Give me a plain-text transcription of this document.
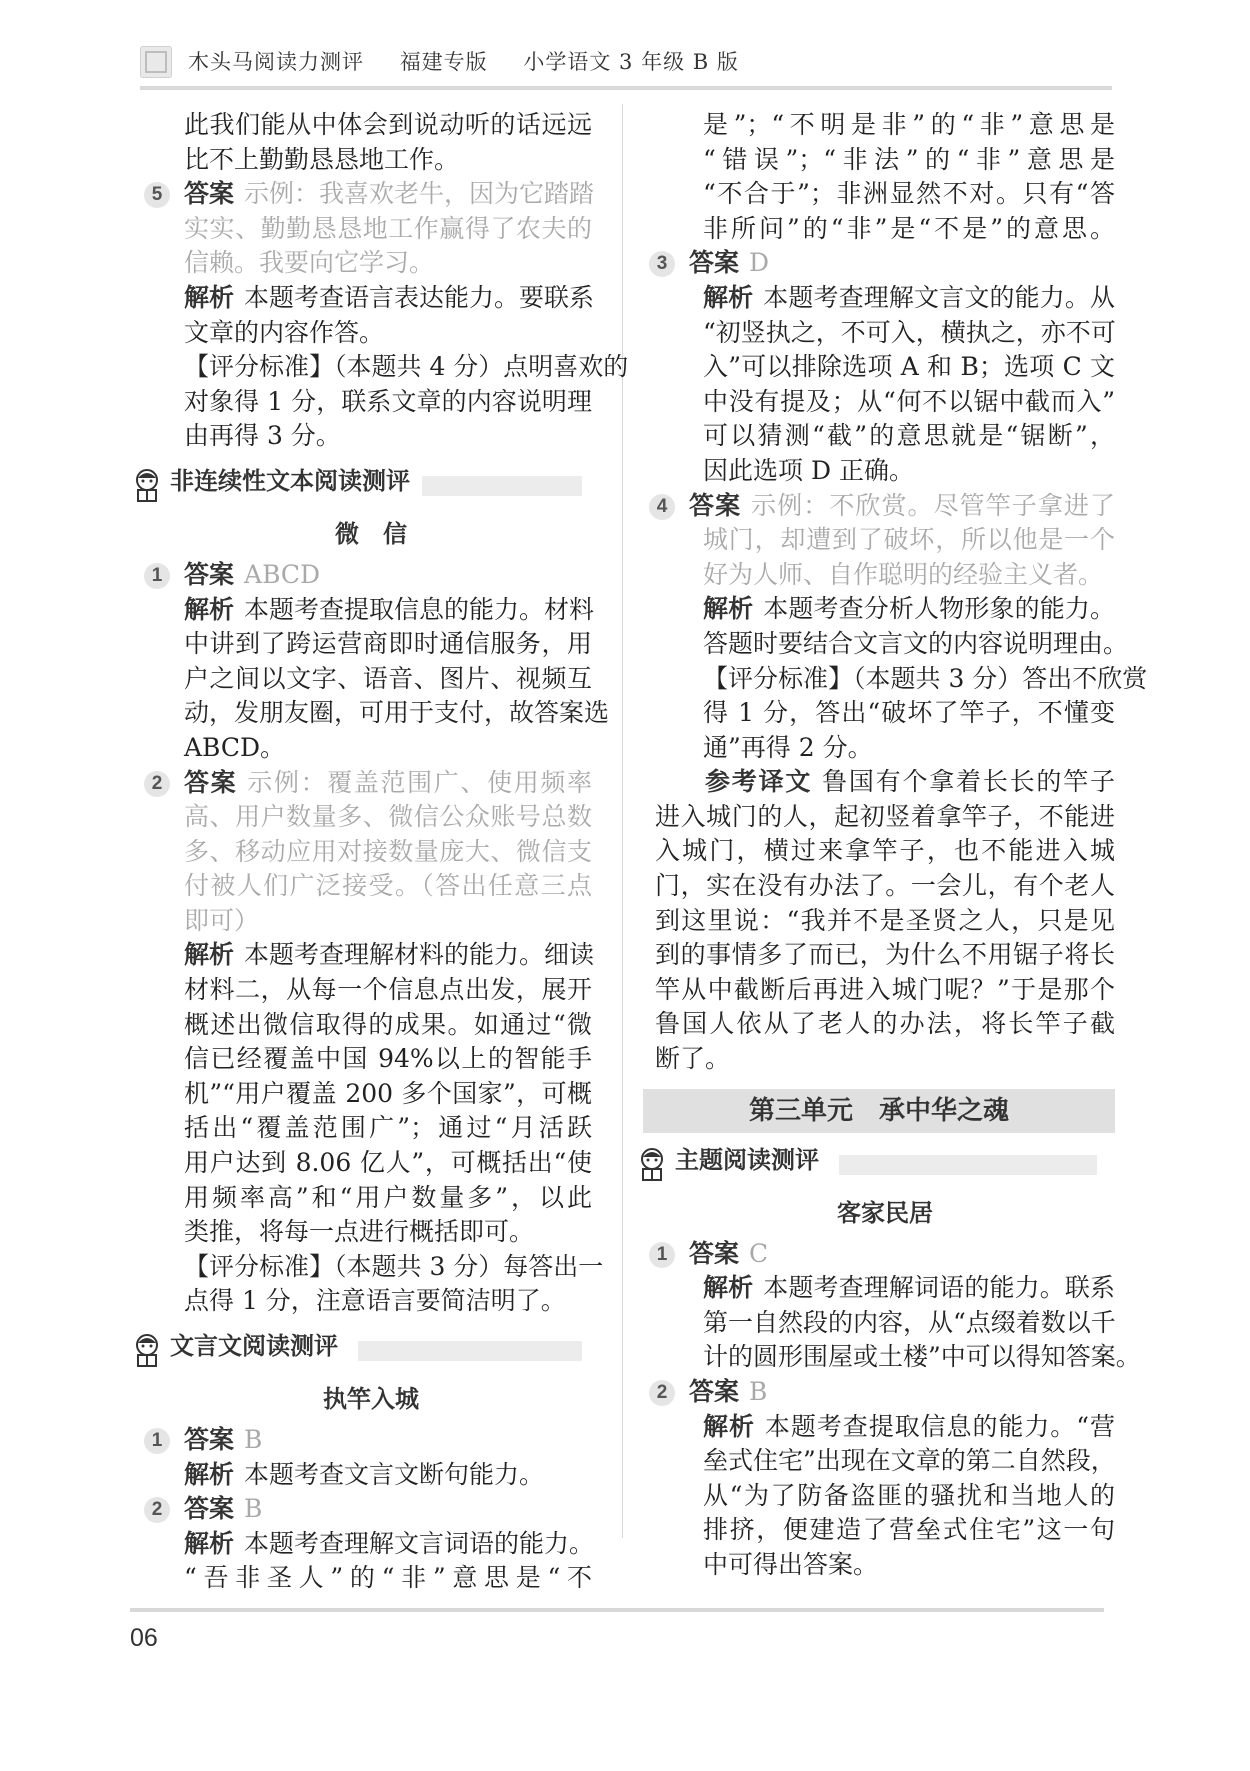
木头马阅读力测评 福建专版 小学语文 3 年级 B 版
此我们能从中体会到说动听的话远远
比不上勤勤恳恳地工作。
5 答案 示例：我喜欢老牛，因为它踏踏
实实、勤勤恳恳地工作赢得了农夫的
信赖。我要向它学习。
解析 本题考查语言表达能力。要联系
文章的内容作答。
【评分标准】（本题共 4 分）点明喜欢的
对象得 1 分，联系文章的内容说明理
由再得 3 分。
非连续性文本阅读测评
微　信
1 答案 ABCD
解析 本题考查提取信息的能力。材料
中讲到了跨运营商即时通信服务，用
户之间以文字、语音、图片、视频互
动，发朋友圈，可用于支付，故答案选
ABCD。
2 答案 示例：覆盖范围广、使用频率
高、用户数量多、微信公众账号总数
多、移动应用对接数量庞大、微信支
付被人们广泛接受。（答出任意三点
即可）
解析 本题考查理解材料的能力。细读
材料二，从每一个信息点出发，展开
概述出微信取得的成果。如通过“微
信已经覆盖中国 94%以上的智能手
机”“用户覆盖 200 多个国家”，可概
括出“覆盖范围广”；通过“月活跃
用户达到 8.06 亿人”，可概括出“使
用频率高”和“用户数量多”，以此
类推，将每一点进行概括即可。
【评分标准】（本题共 3 分）每答出一
点得 1 分，注意语言要简洁明了。
文言文阅读测评
执竿入城
1 答案 B
解析 本题考查文言文断句能力。
2 答案 B
解析 本题考查理解文言词语的能力。
“吾非圣人”的“非”意思是“不
是”；“不明是非”的“非”意思是
“错误”；“非法”的“非”意思是
“不合于”；非洲显然不对。只有“答
非所问”的“非”是“不是”的意思。
3 答案 D
解析 本题考查理解文言文的能力。从
“初竖执之，不可入，横执之，亦不可
入”可以排除选项 A 和 B；选项 C 文
中没有提及；从“何不以锯中截而入”
可以猜测“截”的意思就是“锯断”，
因此选项 D 正确。
4 答案 示例：不欣赏。尽管竿子拿进了
城门，却遭到了破坏，所以他是一个
好为人师、自作聪明的经验主义者。
解析 本题考查分析人物形象的能力。
答题时要结合文言文的内容说明理由。
【评分标准】（本题共 3 分）答出不欣赏
得 1 分，答出“破坏了竿子，不懂变
通”再得 2 分。
参考译文 鲁国有个拿着长长的竿子
进入城门的人，起初竖着拿竿子，不能进
入城门，横过来拿竿子，也不能进入城
门，实在没有办法了。一会儿，有个老人
到这里说：“我并不是圣贤之人，只是见
到的事情多了而已，为什么不用锯子将长
竿从中截断后再进入城门呢？”于是那个
鲁国人依从了老人的办法，将长竿子截
断了。
第三单元　承中华之魂
主题阅读测评
客家民居
1 答案 C
解析 本题考查理解词语的能力。联系
第一自然段的内容，从“点缀着数以千
计的圆形围屋或土楼”中可以得知答案。
2 答案 B
解析 本题考查提取信息的能力。“营
垒式住宅”出现在文章的第二自然段，
从“为了防备盗匪的骚扰和当地人的
排挤，便建造了营垒式住宅”这一句
中可得出答案。
06
